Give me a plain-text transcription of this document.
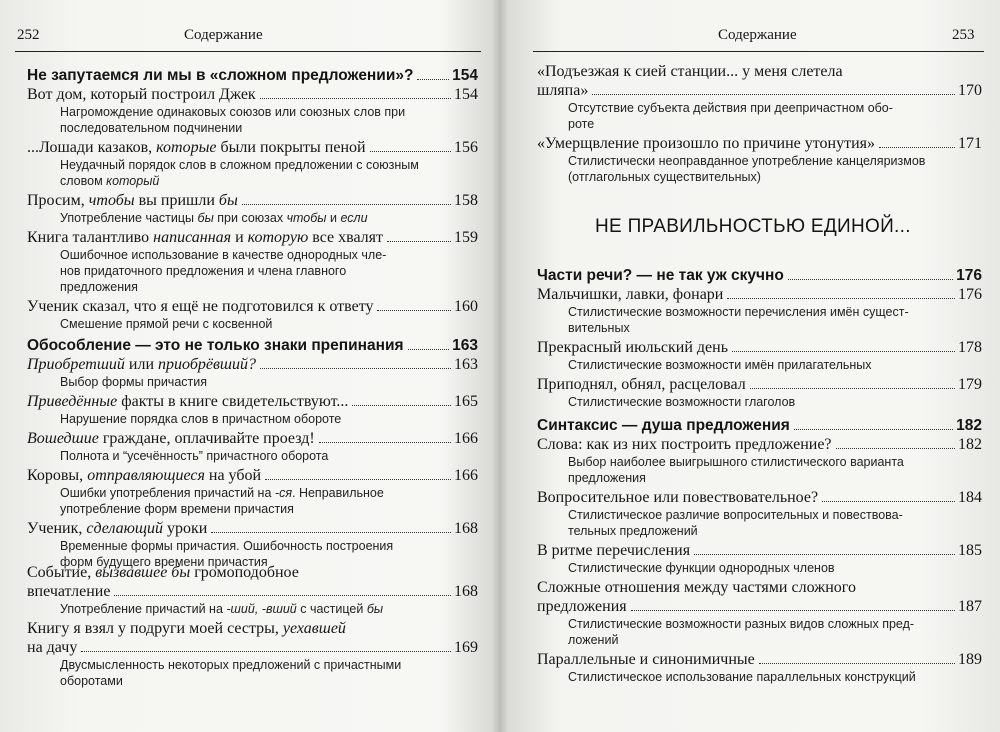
252	Содержание
Не запутаемся ли мы в «сложном предложении»? 154
Вот дом, который построил Джек	154
Нагромождение одинаковых союзов или союзных слов при
последовательном подчинении
...Лошади казаков, которые были покрыты пеной	156
Неудачный порядок слов в сложном предложении с союзным
словом который
Просим, чтобы вы пришли бы	158
Употребление частицы бы при союзах чтобы и если
Книга талантливо написанная и которую все хвалят	159
Ошибочное использование в качестве однородных чле-
нов придаточного предложения и члена главного
предложения
Ученик сказал, что я ещё не подготовился к ответу	160
Смешение прямой речи с косвенной
Обособление — это не только знаки препинания	163
Приобретший или приобрёвший?	163
Выбор формы причастия
Приведённые факты в книге свидетельствуют...	165
Нарушение порядка слов в причастном обороте
Вошедшие граждане, оплачивайте проезд!	166
Полнота и “усечённость” причастного оборота
Коровы, отправляющиеся на убой	166
Ошибки употребления причастий на -ся. Неправильное
употребление форм времени причастия
Ученик, сделающий уроки	168
Временные формы причастия. Ошибочность построения
форм будущего времени причастия
Событие, вызвавшее бы громоподобное
впечатление	168
Употребление причастий на -ший, -вший с частицей бы
Книгу я взял у подруги моей сестры, уехавшей
на дачу	169
Двусмысленность некоторых предложений с причастными
оборотами
Содержание	253
«Подъезжая к сией станции... у меня слетела
шляпа»	170
Отсутствие субъекта действия при деепричастном обо-
роте
«Умерщвление произошло по причине утонутия»	171
Стилистически неоправданное употребление канцеляризмов
(отглагольных существительных)
НЕ ПРАВИЛЬНОСТЬЮ ЕДИНОЙ...
Части речи? — не так уж скучно	176
Мальчишки, лавки, фонари	176
Стилистические возможности перечисления имён сущест-
вительных
Прекрасный июльский день	178
Стилистические возможности имён прилагательных
Приподнял, обнял, расцеловал	179
Стилистические возможности глаголов
Синтаксис — душа предложения	182
Слова: как из них построить предложение?	182
Выбор наиболее выигрышного стилистического варианта
предложения
Вопросительное или повествовательное?	184
Стилистическое различие вопросительных и повествова-
тельных предложений
В ритме перечисления	185
Стилистические функции однородных членов
Сложные отношения между частями сложного
предложения	187
Стилистические возможности разных видов сложных пред-
ложений
Параллельные и синонимичные	189
Стилистическое использование параллельных конструкций
